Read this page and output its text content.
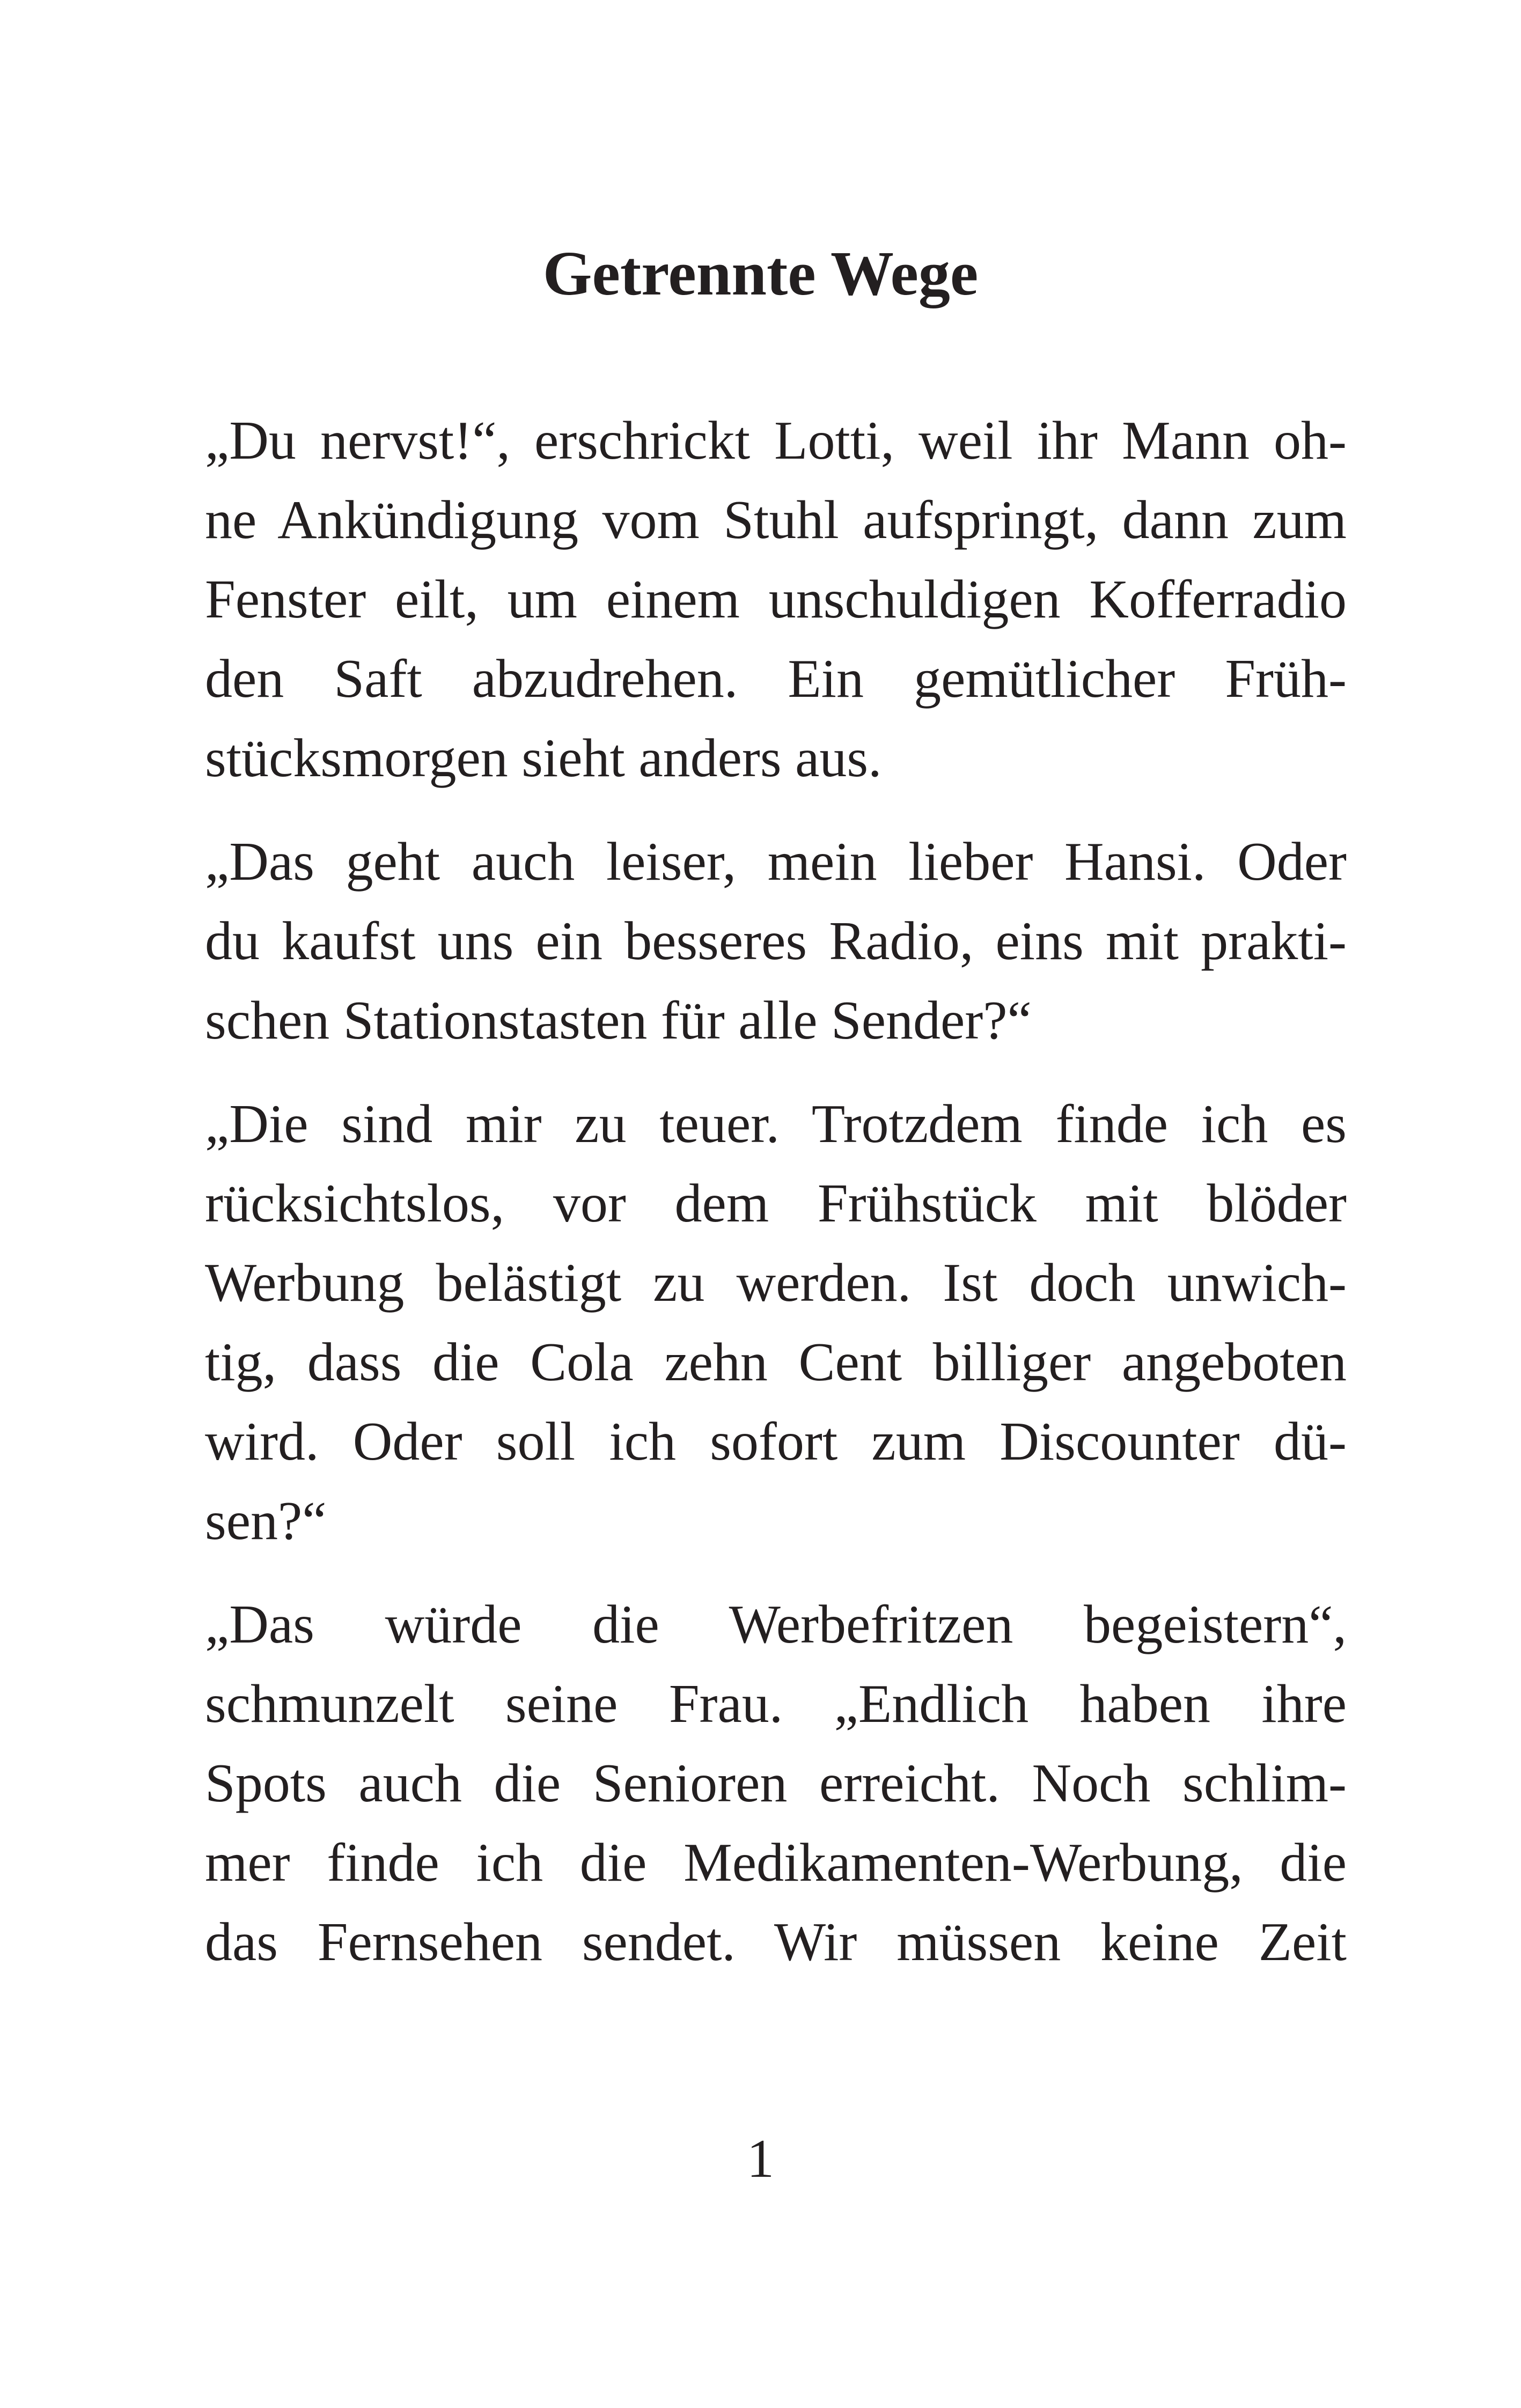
Getrennte Wege

„Du nervst!“, erschrickt Lotti, weil ihr Mann oh-
ne Ankündigung vom Stuhl aufspringt, dann zum
Fenster eilt, um einem unschuldigen Kofferradio
den Saft abzudrehen. Ein gemütlicher Früh-
stücksmorgen sieht anders aus.

„Das geht auch leiser, mein lieber Hansi. Oder
du kaufst uns ein besseres Radio, eins mit prakti-
schen Stationstasten für alle Sender?“

„Die sind mir zu teuer. Trotzdem finde ich es
rücksichtslos, vor dem Frühstück mit blöder
Werbung belästigt zu werden. Ist doch unwich-
tig, dass die Cola zehn Cent billiger angeboten
wird. Oder soll ich sofort zum Discounter dü-
sen?“

„Das würde die Werbefritzen begeistern“,
schmunzelt seine Frau. „Endlich haben ihre
Spots auch die Senioren erreicht. Noch schlim-
mer finde ich die Medikamenten-Werbung, die
das Fernsehen sendet. Wir müssen keine Zeit

1
